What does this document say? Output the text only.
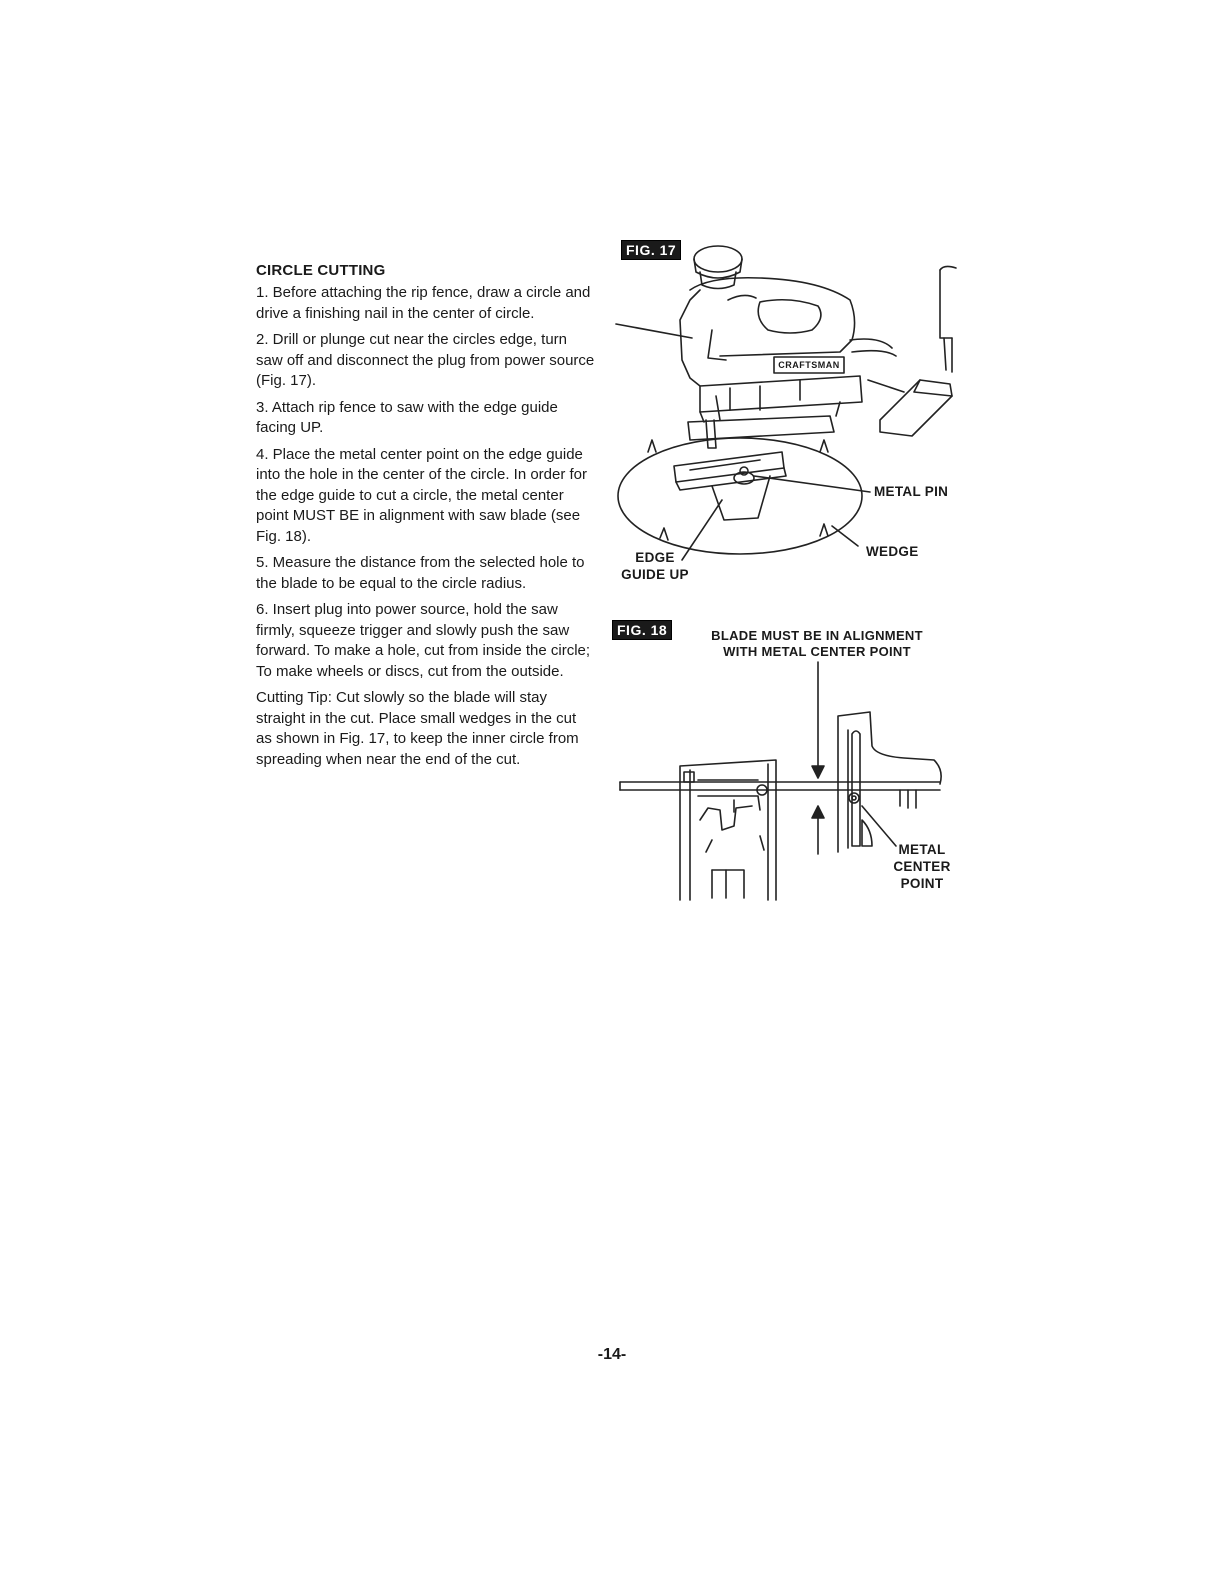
CIRCLE CUTTING

1. Before attaching the rip fence, draw a circle and drive a finishing nail in the center of circle.

2. Drill or plunge cut near the circles edge, turn saw off and disconnect the plug from power source (Fig. 17).

3. Attach rip fence to saw with the edge guide facing UP.

4. Place the metal center point on the edge guide into the hole in the center of the circle. In order for the edge guide to cut a circle, the metal center point MUST BE in alignment with saw blade (see Fig. 18).

5. Measure the distance from the selected hole to the blade to be equal to the circle radius.

6. Insert plug into power source, hold the saw firmly, squeeze trigger and slowly push the saw forward. To make a hole, cut from inside the circle; To make wheels or discs, cut from the outside.

Cutting Tip: Cut slowly so the blade will stay straight in the cut. Place small wedges in the cut as shown in Fig. 17, to keep the inner circle from spreading when near the end of the cut.

FIG. 17
METAL PIN
WEDGE
EDGE
GUIDE UP
CRAFTSMAN
FIG. 18	BLADE MUST BE IN ALIGNMENT
WITH METAL CENTER POINT
METAL
CENTER
POINT
-14-
